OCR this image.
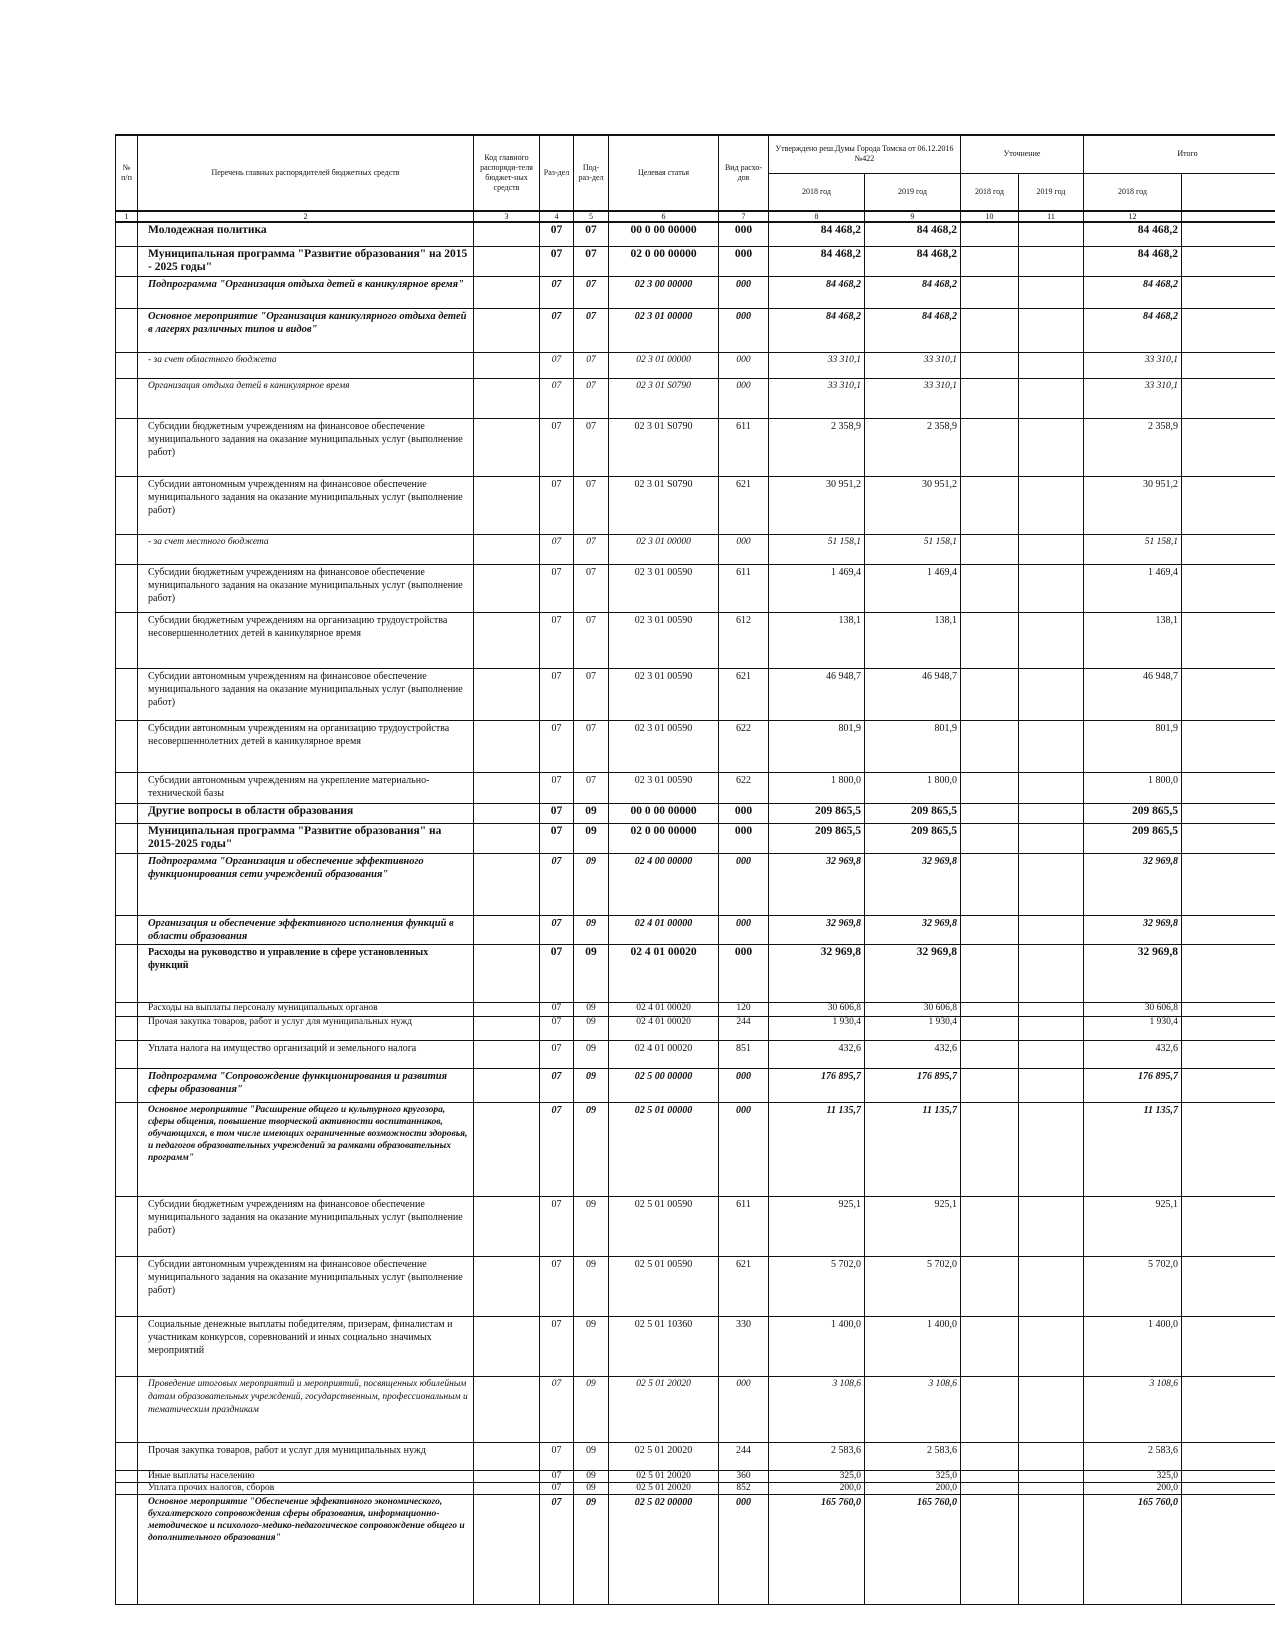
№ п/п	Перечень главных распорядителей бюджетных средств	Код главного распоряди-теля бюджет-ных средств	Раз-дел	Под-раз-дел	Целевая статья	Вид расхо-дов	Утверждено реш.Думы Города Томска от 06.12.2016 №422		Уточнение		Итого	
							2018 год	2019 год	2018 год	2019 год	2018 год	
1	2	3	4	5	6	7	8	9	10	11	12	
	Молодежная политика		07	07	00 0 00 00000	000	84 468,2	84 468,2			84 468,2	
	Муниципальная программа "Развитие образования" на 2015 - 2025 годы"		07	07	02 0 00 00000	000	84 468,2	84 468,2			84 468,2	
	Подпрограмма "Организация отдыха детей в каникулярное время"		07	07	02 3 00 00000	000	84 468,2	84 468,2			84 468,2	
	Основное мероприятие "Организация каникулярного отдыха детей в лагерях различных типов и видов"		07	07	02 3 01 00000	000	84 468,2	84 468,2			84 468,2	
	- за счет областного бюджета		07	07	02 3 01 00000	000	33 310,1	33 310,1			33 310,1	
	Организация отдыха детей в каникулярное время		07	07	02 3 01 S0790	000	33 310,1	33 310,1			33 310,1	
	Субсидии бюджетным учреждениям на финансовое обеспечение муниципального задания на оказание муниципальных услуг (выполнение работ)		07	07	02 3 01 S0790	611	2 358,9	2 358,9			2 358,9	
	Субсидии автономным учреждениям на финансовое обеспечение муниципального задания на оказание муниципальных услуг (выполнение работ)		07	07	02 3 01 S0790	621	30 951,2	30 951,2			30 951,2	
	- за счет местного бюджета		07	07	02 3 01 00000	000	51 158,1	51 158,1			51 158,1	
	Субсидии бюджетным учреждениям на финансовое обеспечение муниципального задания на оказание муниципальных услуг (выполнение работ)		07	07	02 3 01 00590	611	1 469,4	1 469,4			1 469,4	
	Субсидии бюджетным учреждениям на организацию трудоустройства несовершеннолетних детей в каникулярное время		07	07	02 3 01 00590	612	138,1	138,1			138,1	
	Субсидии автономным учреждениям на финансовое обеспечение муниципального задания на оказание муниципальных услуг (выполнение работ)		07	07	02 3 01 00590	621	46 948,7	46 948,7			46 948,7	
	Субсидии автономным учреждениям на организацию трудоустройства несовершеннолетних детей в каникулярное время		07	07	02 3 01 00590	622	801,9	801,9			801,9	
	Субсидии автономным учреждениям на укрепление материально-технической базы		07	07	02 3 01 00590	622	1 800,0	1 800,0			1 800,0	
	Другие вопросы в области образования		07	09	00 0 00 00000	000	209 865,5	209 865,5			209 865,5	
	Муниципальная программа "Развитие образования" на 2015-2025 годы"		07	09	02 0 00 00000	000	209 865,5	209 865,5			209 865,5	
	Подпрограмма "Организация и обеспечение эффективного функционирования сети учреждений образования"		07	09	02 4 00 00000	000	32 969,8	32 969,8			32 969,8	
	Организация и обеспечение эффективного исполнения функций в области образования		07	09	02 4 01 00000	000	32 969,8	32 969,8			32 969,8	
	Расходы на руководство и управление в сфере установленных функций		07	09	02 4 01 00020	000	32 969,8	32 969,8			32 969,8	
	Расходы на выплаты персоналу муниципальных органов		07	09	02 4 01 00020	120	30 606,8	30 606,8			30 606,8	
	Прочая закупка товаров, работ и услуг для муниципальных нужд		07	09	02 4 01 00020	244	1 930,4	1 930,4			1 930,4	
	Уплата налога на имущество организаций и земельного налога		07	09	02 4 01 00020	851	432,6	432,6			432,6	
	Подпрограмма "Сопровождение функционирования и развития сферы образования"		07	09	02 5 00 00000	000	176 895,7	176 895,7			176 895,7	
	Основное мероприятие "Расширение общего и культурного кругозора, сферы общения, повышение творческой активности воспитанников, обучающихся, в том числе имеющих ограниченные возможности здоровья, и педагогов образовательных учреждений за рамками образовательных программ"		07	09	02 5 01 00000	000	11 135,7	11 135,7			11 135,7	
	Субсидии бюджетным учреждениям на финансовое обеспечение муниципального задания на оказание муниципальных услуг (выполнение работ)		07	09	02 5 01 00590	611	925,1	925,1			925,1	
	Субсидии автономным учреждениям на финансовое обеспечение муниципального задания на оказание муниципальных услуг (выполнение работ)		07	09	02 5 01 00590	621	5 702,0	5 702,0			5 702,0	
	Социальные денежные выплаты победителям, призерам, финалистам и участникам конкурсов, соревнований и иных социально значимых мероприятий		07	09	02 5 01 10360	330	1 400,0	1 400,0			1 400,0	
	Проведение итоговых мероприятий и мероприятий, посвященных юбилейным датам образовательных учреждений, государственным, профессиональным и тематическим праздникам		07	09	02 5 01 20020	000	3 108,6	3 108,6			3 108,6	
	Прочая закупка товаров, работ и услуг для муниципальных нужд		07	09	02 5 01 20020	244	2 583,6	2 583,6			2 583,6	
	Иные выплаты населению		07	09	02 5 01 20020	360	325,0	325,0			325,0	
	Уплата прочих налогов, сборов		07	09	02 5 01 20020	852	200,0	200,0			200,0	
	Основное мероприятие "Обеспечение эффективного экономического, бухгалтерского сопровождения сферы образования, информационно-методическое и психолого-медико-педагогическое сопровождение общего и дополнительного образования"		07	09	02 5 02 00000	000	165 760,0	165 760,0			165 760,0	
